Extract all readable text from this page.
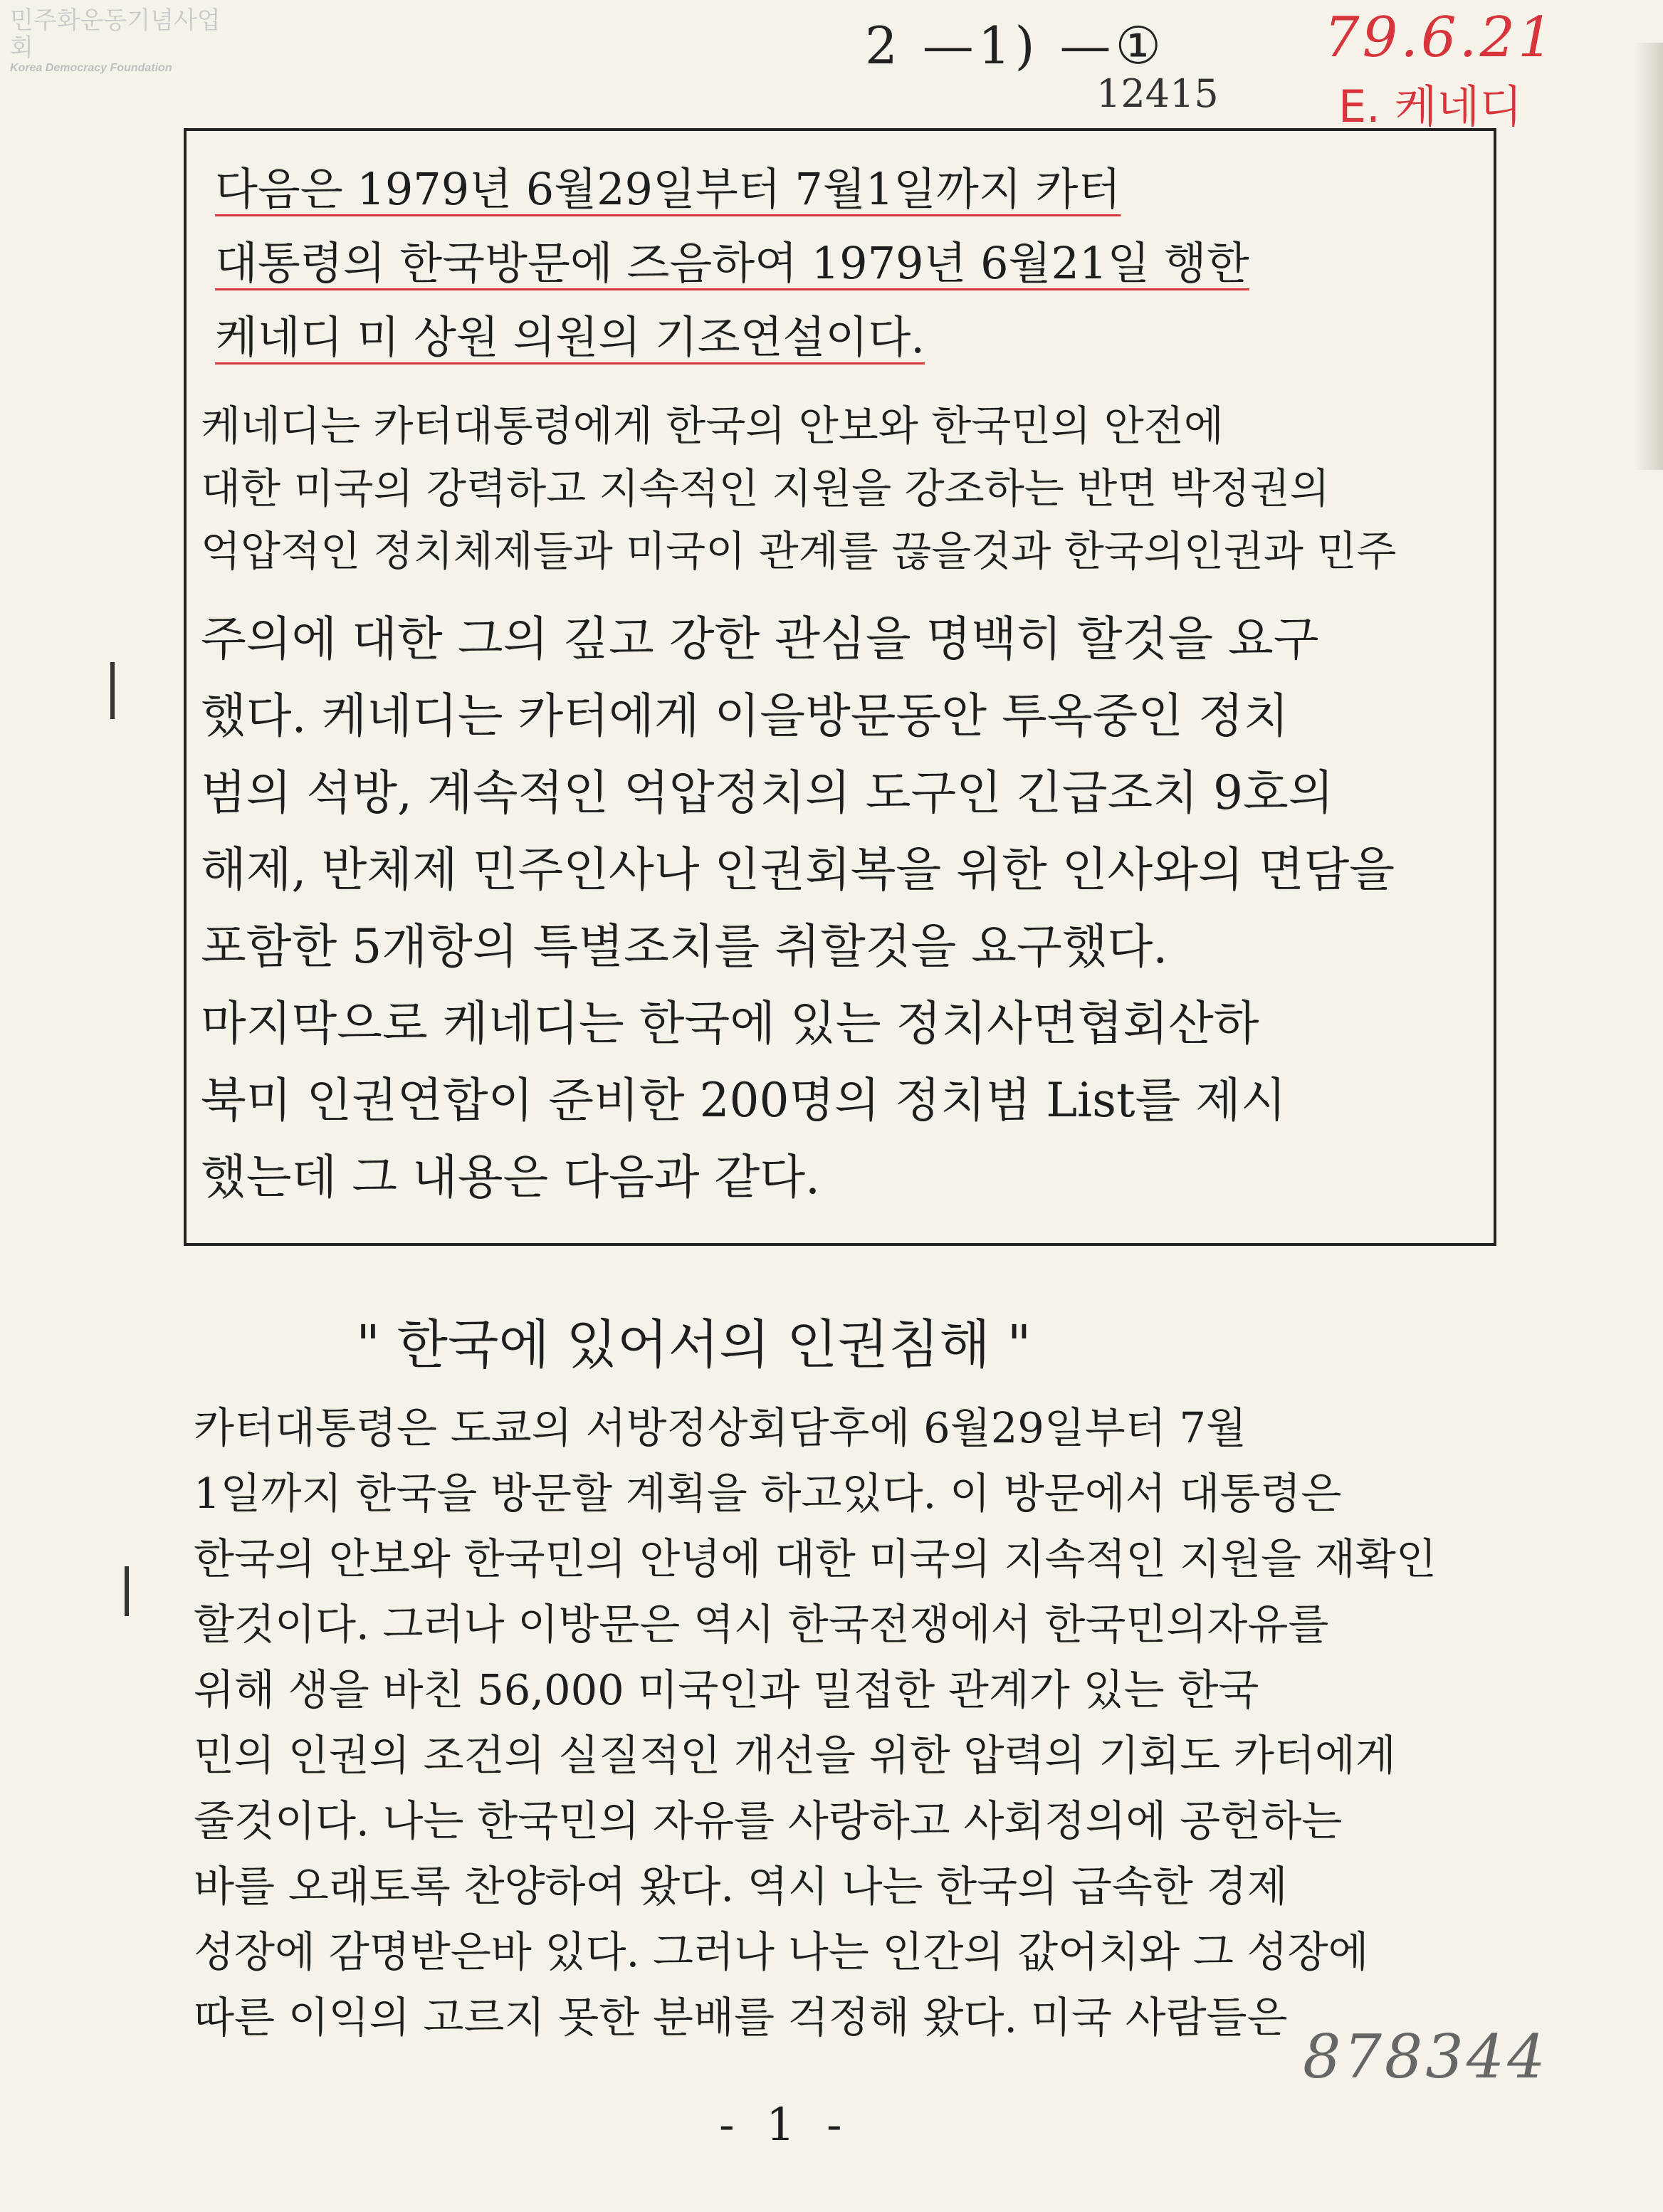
민주화운동기념사업회
Korea Democracy Foundation	2 —1) —①
12415
79.6.21
E. 케네디
다음은 1979년 6월29일부터 7월1일까지 카터
대통령의 한국방문에 즈음하여 1979년 6월21일 행한
케네디 미 상원 의원의 기조연설이다.
케네디는 카터대통령에게 한국의 안보와 한국민의 안전에
대한 미국의 강력하고 지속적인 지원을 강조하는 반면 박정권의
억압적인 정치체제들과 미국이 관계를 끊을것과 한국의인권과 민주
주의에 대한 그의 깊고 강한 관심을 명백히 할것을 요구
했다. 케네디는 카터에게 이을방문동안 투옥중인 정치
범의 석방, 계속적인 억압정치의 도구인 긴급조치 9호의
해제, 반체제 민주인사나 인권회복을 위한 인사와의 면담을
포함한 5개항의 특별조치를 취할것을 요구했다.
마지막으로 케네디는 한국에 있는 정치사면협회산하
북미 인권연합이 준비한 200명의 정치범 List를 제시
했는데 그 내용은 다음과 같다.
" 한국에 있어서의 인권침해 "
카터대통령은 도쿄의 서방정상회담후에 6월29일부터 7월
1일까지 한국을 방문할 계획을 하고있다. 이 방문에서 대통령은
한국의 안보와 한국민의 안녕에 대한 미국의 지속적인 지원을 재확인
할것이다. 그러나 이방문은 역시 한국전쟁에서 한국민의자유를
위해 생을 바친 56,000 미국인과 밀접한 관계가 있는 한국
민의 인권의 조건의 실질적인 개선을 위한 압력의 기회도 카터에게
줄것이다. 나는 한국민의 자유를 사랑하고 사회정의에 공헌하는
바를 오래토록 찬양하여 왔다. 역시 나는 한국의 급속한 경제
성장에 감명받은바 있다. 그러나 나는 인간의 값어치와 그 성장에
따른 이익의 고르지 못한 분배를 걱정해 왔다. 미국 사람들은
878344
- 1 -
